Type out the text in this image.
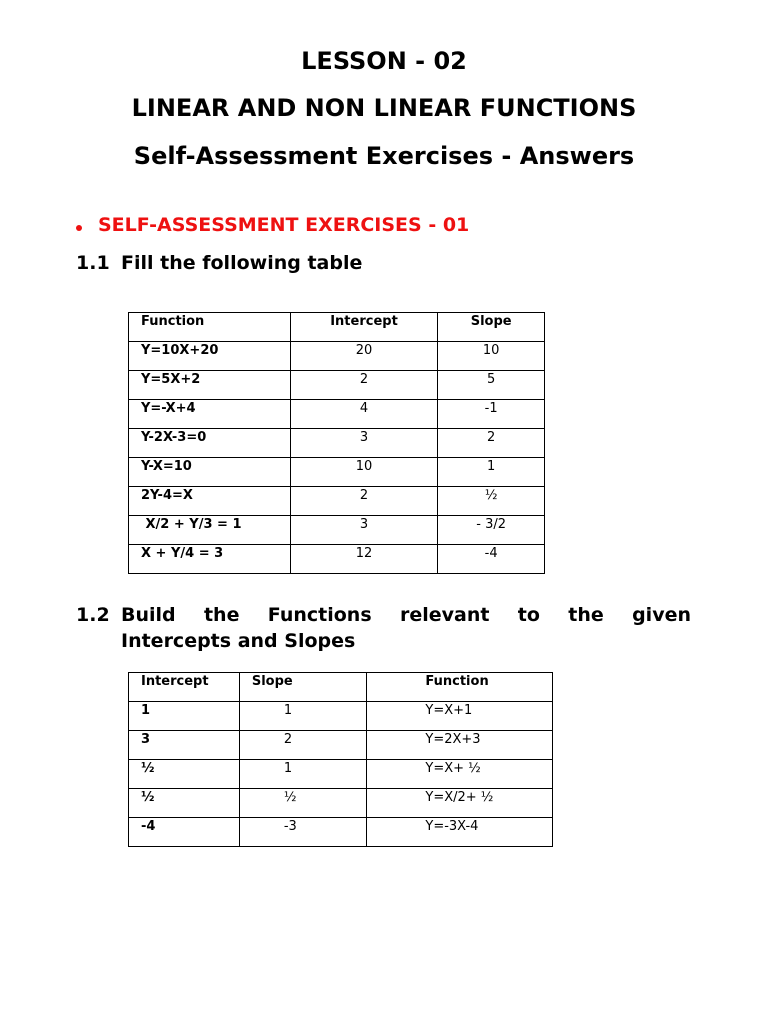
LESSON - 02
LINEAR AND NON LINEAR FUNCTIONS
Self-Assessment Exercises - Answers
SELF-ASSESSMENT EXERCISES - 01
1.1 Fill the following table
Function	Intercept	Slope
Y=10X+20	20	10
Y=5X+2	2	5
Y=-X+4	4	-1
Y-2X-3=0	3	2
Y-X=10	10	1
2Y-4=X	2	½
X/2 + Y/3 = 1	3	- 3/2
X + Y/4 = 3	12	-4
1.2 Build the Functions relevant to the given
Intercepts and Slopes
Intercept	Slope	Function
1	1	Y=X+1
3	2	Y=2X+3
½	1	Y=X+ ½
½	½	Y=X/2+ ½
-4	-3	Y=-3X-4
